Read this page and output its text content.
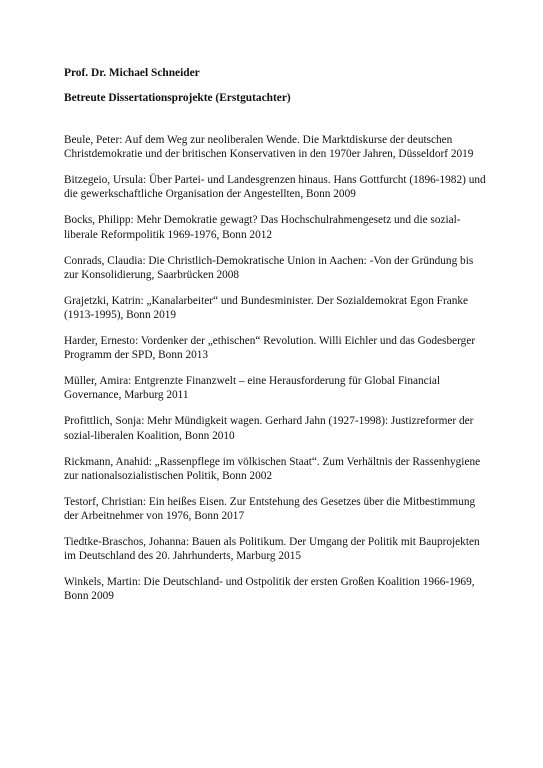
Prof. Dr. Michael Schneider
Betreute Dissertationsprojekte (Erstgutachter)
Beule, Peter: Auf dem Weg zur neoliberalen Wende. Die Marktdiskurse der deutschen
Christdemokratie und der britischen Konservativen in den 1970er Jahren, Düsseldorf 2019
Bitzegeio, Ursula: Über Partei- und Landesgrenzen hinaus. Hans Gottfurcht (1896-1982) und
die gewerkschaftliche Organisation der Angestellten, Bonn 2009
Bocks, Philipp: Mehr Demokratie gewagt? Das Hochschulrahmengesetz und die sozial-
liberale Reformpolitik 1969-1976, Bonn 2012
Conrads, Claudia: Die Christlich-Demokratische Union in Aachen: -Von der Gründung bis
zur Konsolidierung, Saarbrücken 2008
Grajetzki, Katrin: „Kanalarbeiter“ und Bundesminister. Der Sozialdemokrat Egon Franke
(1913-1995), Bonn 2019
Harder, Ernesto: Vordenker der „ethischen“ Revolution. Willi Eichler und das Godesberger
Programm der SPD, Bonn 2013
Müller, Amira: Entgrenzte Finanzwelt – eine Herausforderung für Global Financial
Governance, Marburg 2011
Profittlich, Sonja: Mehr Mündigkeit wagen. Gerhard Jahn (1927-1998): Justizreformer der
sozial-liberalen Koalition, Bonn 2010
Rickmann, Anahid: „Rassenpflege im völkischen Staat“. Zum Verhältnis der Rassenhygiene
zur nationalsozialistischen Politik, Bonn 2002
Testorf, Christian: Ein heißes Eisen. Zur Entstehung des Gesetzes über die Mitbestimmung
der Arbeitnehmer von 1976, Bonn 2017
Tiedtke-Braschos, Johanna: Bauen als Politikum. Der Umgang der Politik mit Bauprojekten
im Deutschland des 20. Jahrhunderts, Marburg 2015
Winkels, Martin: Die Deutschland- und Ostpolitik der ersten Großen Koalition 1966-1969,
Bonn 2009
